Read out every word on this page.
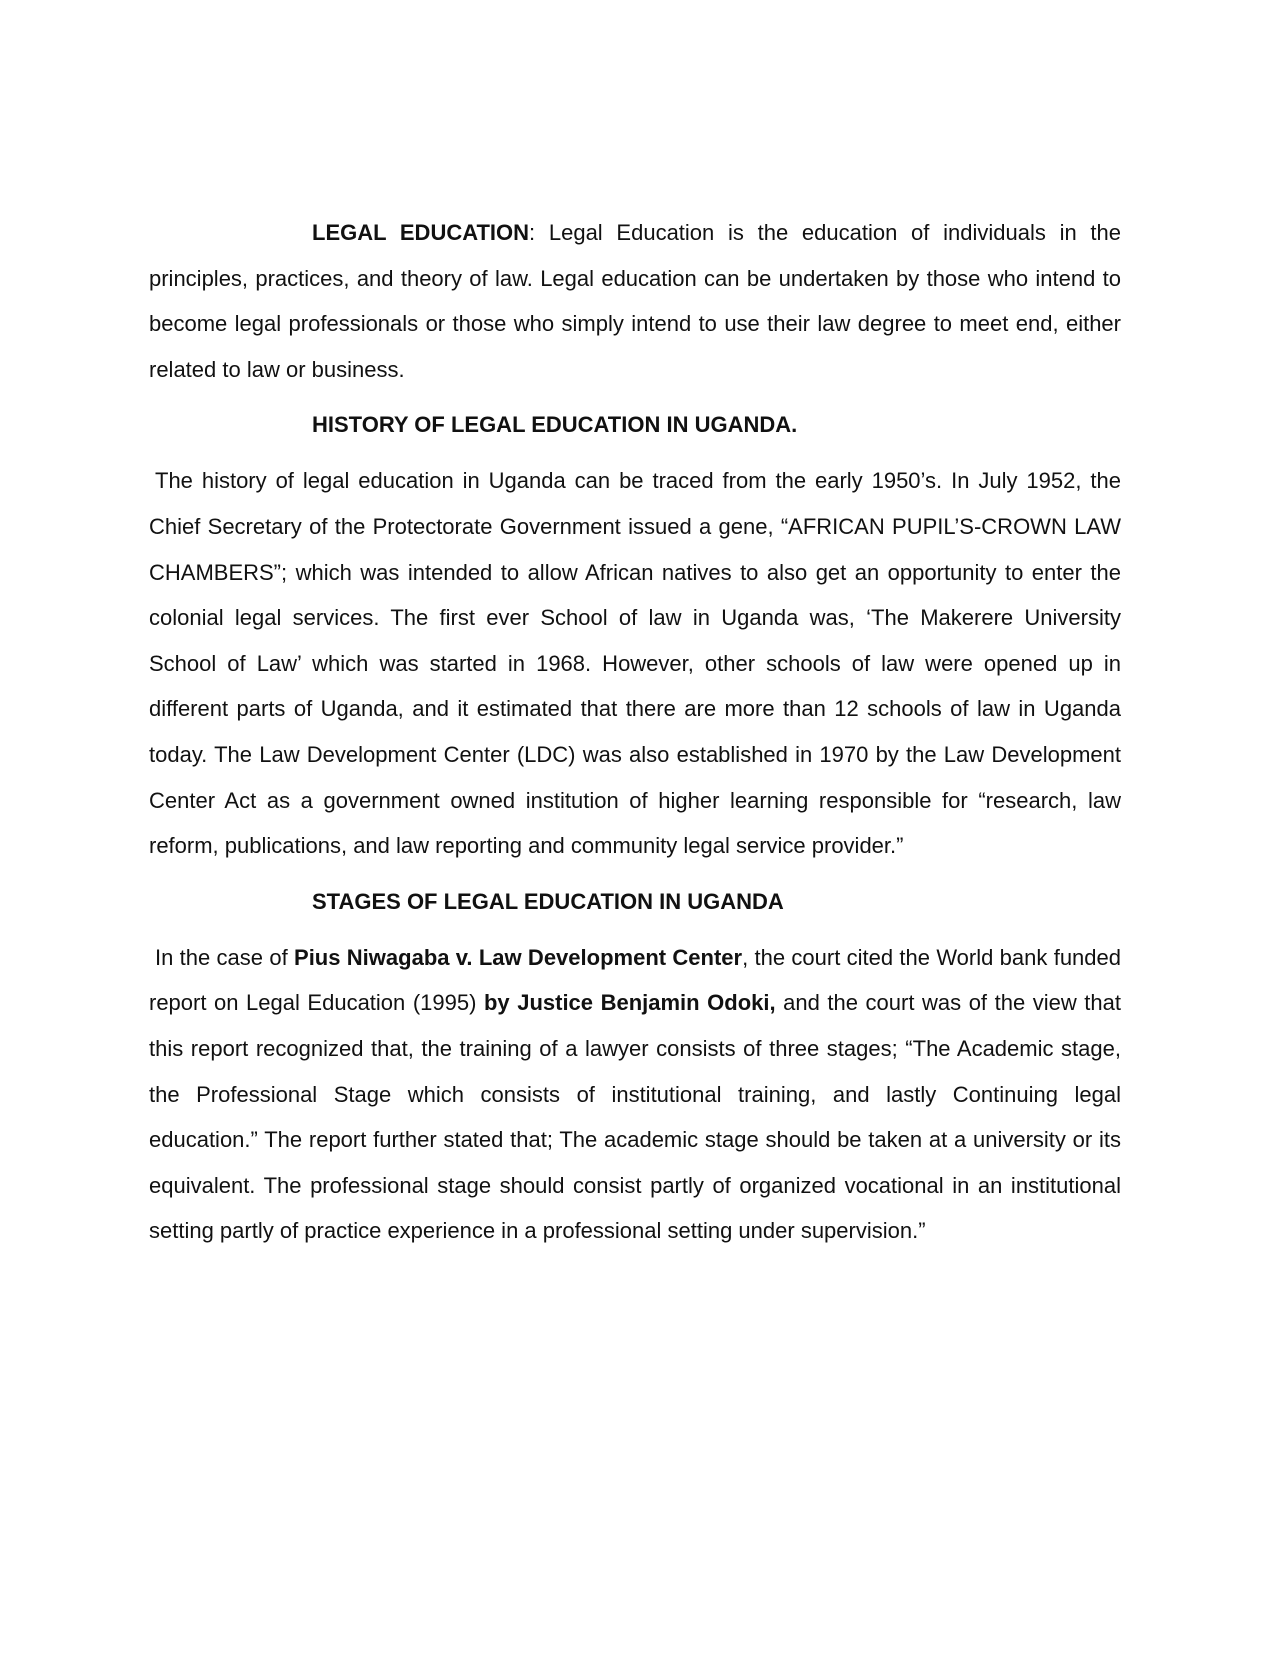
LEGAL EDUCATION: Legal Education is the education of individuals in the principles, practices, and theory of law. Legal education can be undertaken by those who intend to become legal professionals or those who simply intend to use their law degree to meet end, either related to law or business.

HISTORY OF LEGAL EDUCATION IN UGANDA.

The history of legal education in Uganda can be traced from the early 1950’s. In July 1952, the Chief Secretary of the Protectorate Government issued a gene, “AFRICAN PUPIL’S-CROWN LAW CHAMBERS”; which was intended to allow African natives to also get an opportunity to enter the colonial legal services. The first ever School of law in Uganda was, ‘The Makerere University School of Law’ which was started in 1968. However, other schools of law were opened up in different parts of Uganda, and it estimated that there are more than 12 schools of law in Uganda today. The Law Development Center (LDC) was also established in 1970 by the Law Development Center Act as a government owned institution of higher learning responsible for “research, law reform, publications, and law reporting and community legal service provider.”

STAGES OF LEGAL EDUCATION IN UGANDA

In the case of Pius Niwagaba v. Law Development Center, the court cited the World bank funded report on Legal Education (1995) by Justice Benjamin Odoki, and the court was of the view that this report recognized that, the training of a lawyer consists of three stages; “The Academic stage, the Professional Stage which consists of institutional training, and lastly Continuing legal education.” The report further stated that; The academic stage should be taken at a university or its equivalent. The professional stage should consist partly of organized vocational in an institutional setting partly of practice experience in a professional setting under supervision.”
